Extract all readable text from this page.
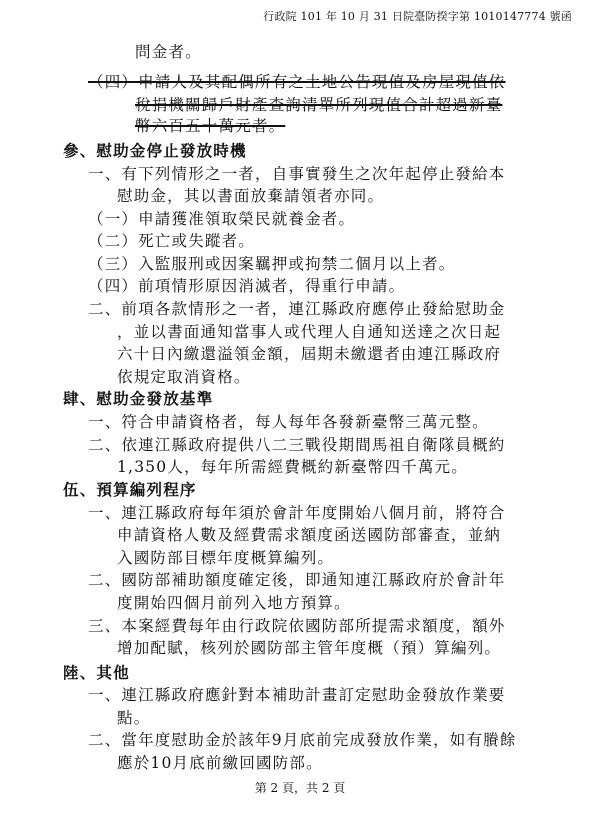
行政院 101 年 10 月 31 日院臺防揆字第 1010147774 號函
問金者。
（四）申請人及其配偶所有之土地公告現值及房屋現值依
稅捐機關歸戶財產查詢清單所列現值合計超過新臺
幣六百五十萬元者。
參、慰助金停止發放時機
一、有下列情形之一者，自事實發生之次年起停止發給本
慰助金，其以書面放棄請領者亦同。
（一）申請獲准領取榮民就養金者。
（二）死亡或失蹤者。
（三）入監服刑或因案羈押或拘禁二個月以上者。
（四）前項情形原因消滅者，得重行申請。
二、前項各款情形之一者，連江縣政府應停止發給慰助金
，並以書面通知當事人或代理人自通知送達之次日起
六十日內繳還溢領金額，屆期未繳還者由連江縣政府
依規定取消資格。
肆、慰助金發放基準
一、符合申請資格者，每人每年各發新臺幣三萬元整。
二、依連江縣政府提供八二三戰役期間馬祖自衛隊員概約
1,350人，每年所需經費概約新臺幣四千萬元。
伍、預算編列程序
一、連江縣政府每年須於會計年度開始八個月前，將符合
申請資格人數及經費需求額度函送國防部審查，並納
入國防部目標年度概算編列。
二、國防部補助額度確定後，即通知連江縣政府於會計年
度開始四個月前列入地方預算。
三、本案經費每年由行政院依國防部所提需求額度，額外
增加配賦，核列於國防部主管年度概（預）算編列。
陸、其他
一、連江縣政府應針對本補助計畫訂定慰助金發放作業要
點。
二、當年度慰助金於該年9月底前完成發放作業，如有賸餘
應於10月底前繳回國防部。
第 2 頁，共 2 頁
